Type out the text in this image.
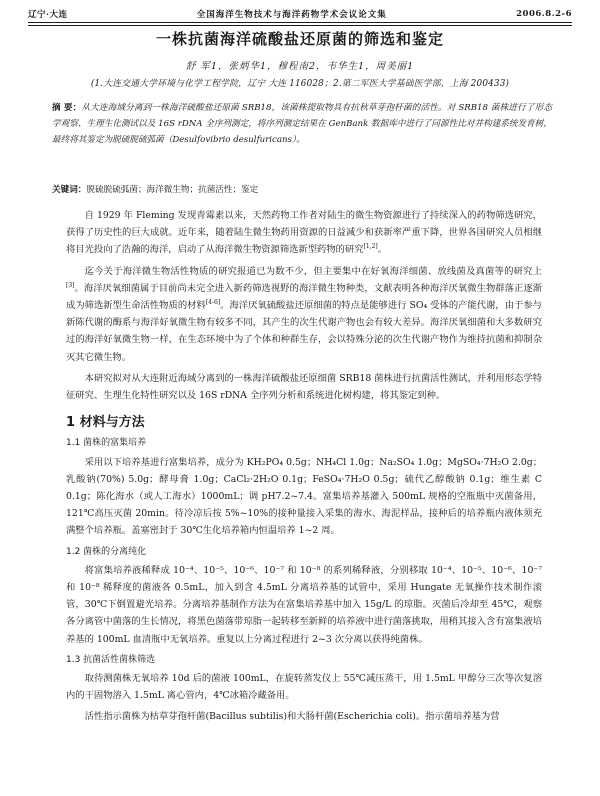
辽宁·大连	全国海洋生物技术与海洋药物学术会议论文集	2006.8.2-6
一株抗菌海洋硫酸盐还原菌的筛选和鉴定
舒 军1，张炳华1，穆程南2，韦华生1，周美丽1
(1.大连交通大学环境与化学工程学院，辽宁 大连 116028；2.第二军医大学基础医学部，上海 200433)
摘 要：从大连海域分离到一株海洋硫酸盐还原菌 SRB18，该菌株提取物具有抗秋草芽孢杆菌的活性。对 SRB18 菌株进行了形态学观察、生理生化测试以及 16S rDNA 全序列测定，将序列测定结果在 GenBank 数据库中进行了同源性比对并构建系统发育树，最终将其鉴定为脱硫脱硫弧菌（Desulfovibrio desulfuricans）。
关键词：脱硫脱硫弧菌；海洋微生物；抗菌活性；鉴定

自 1929 年 Fleming 发现青霉素以来，天然药物工作者对陆生的微生物资源进行了持续深入的药物筛选研究，获得了历史性的巨大成就。近年来，随着陆生微生物药用资源的日益减少和获新率严重下降，世界各国研究人员相继将目光投向了浩瀚的海洋，启动了从海洋微生物资源筛选新型药物的研究[1,2]。

迄今关于海洋微生物活性物质的研究报道已为数不少，但主要集中在好氧海洋细菌、放线菌及真菌等的研究上[3]。海洋厌氧细菌属于目前尚未完全进入新药筛选视野的海洋微生物种类，文献表明各种海洋厌氧微生物群落正逐渐成为筛选新型生命活性物质的材料[4-6]。海洋厌氧硫酸盐还原细菌的特点是能够进行 SO₄ 受体的产能代谢，由于参与新陈代谢的酶系与海洋好氧微生物有较多不同，其产生的次生代谢产物也会有较大差异。海洋厌氧细菌和大多数研究过的海洋好氧微生物一样，在生态环境中为了个体和种群生存，会以特殊分泌的次生代谢产物作为维持抗菌和抑制杂灭其它微生物。

本研究拟对从大连附近海域分离到的一株海洋硫酸盐还原细菌 SRB18 菌株进行抗菌活性测试，并利用形态学特征研究、生理生化特性研究以及 16S rDNA 全序列分析和系统进化树构建，将其鉴定到种。

1 材料与方法
1.1 菌株的富集培养

采用以下培养基进行富集培养，成分为 KH₂PO₄ 0.5g；NH₄Cl 1.0g；Na₂SO₄ 1.0g；MgSO₄·7H₂O 2.0g；乳酸钠(70%) 5.0g；酵母膏 1.0g；CaCl₂·2H₂O 0.1g；FeSO₄·7H₂O 0.5g；硫代乙醇酸钠 0.1g；维生素 C 0.1g；陈化海水（或人工海水）1000mL；调 pH7.2~7.4。富集培养基灌入 500mL 规格的空瓶瓶中灭菌备用，121℃高压灭菌 20min。待冷凉后按 5%~10%的接种量接入采集的海水、海泥样品，接种后的培养瓶内液体须充满整个培养瓶。盖塞密封于 30℃生化培养箱内恒温培养 1~2 周。

1.2 菌株的分离纯化

将富集培养液稀释成 10⁻⁴、10⁻⁵、10⁻⁶、10⁻⁷ 和 10⁻⁸ 的系列稀释液，分别移取 10⁻⁴、10⁻⁵、10⁻⁶、10⁻⁷ 和 10⁻⁸ 稀释度的菌液各 0.5mL，加入到含 4.5mL 分离培养基的试管中，采用 Hungate 无氧操作技术制作滚管，30℃下倒置避光培养。分离培养基制作方法为在富集培养基中加入 15g/L 的琼脂。灭菌后冷却至 45℃，观察各分离管中菌落的生长情况，将黑色菌落带琼脂一起转移至新鲜的培养液中进行菌落挑取，用稍其接入含有富集液培养基的 100mL 血清瓶中无氧培养。重复以上分离过程进行 2~3 次分离以获得纯菌株。

1.3 抗菌活性菌株筛选

取待测菌株无氧培养 10d 后的菌液 100mL，在旋转蒸发仪上 55℃减压蒸干，用 1.5mL 甲醇分三次等次复溶内的干固物溶入 1.5mL 离心管内，4℃冰箱冷藏备用。

活性指示菌株为枯草芽孢杆菌(Bacillus subtilis)和大肠杆菌(Escherichia coli)。指示菌培养基为营
